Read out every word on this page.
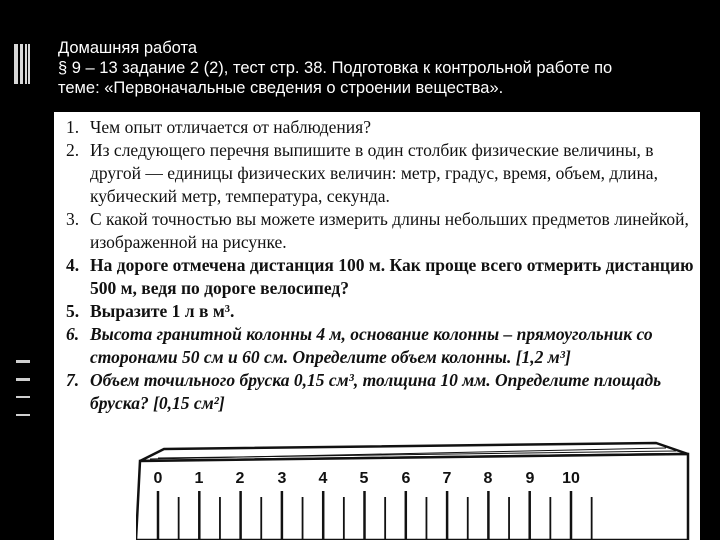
Домашняя работа
§ 9 – 13 задание 2 (2), тест стр. 38. Подготовка к контрольной работе по
теме: «Первоначальные сведения о строении вещества».
1. Чем опыт отличается от наблюдения?
2. Из следующего перечня выпишите в один столбик физические величины, в другой — единицы физических величин: метр, градус, время, объем, длина, кубический метр, температура, секунда.
3. С какой точностью вы можете измерить длины небольших предметов линейкой, изображенной на рисунке.
4. На дороге отмечена дистанция 100 м. Как проще всего отмерить дистанцию 500 м, ведя по дороге велосипед?
5. Выразите 1 л в м³.
6. Высота гранитной колонны 4 м, основание колонны – прямоугольник со сторонами 50 см и 60 см. Определите объем колонны. [1,2 м³]
7. Объем точильного бруска 0,15 см³, толщина 10 мм. Определите площадь бруска? [0,15 см²]
0 1 2 3 4 5 6 7 8 9 10
